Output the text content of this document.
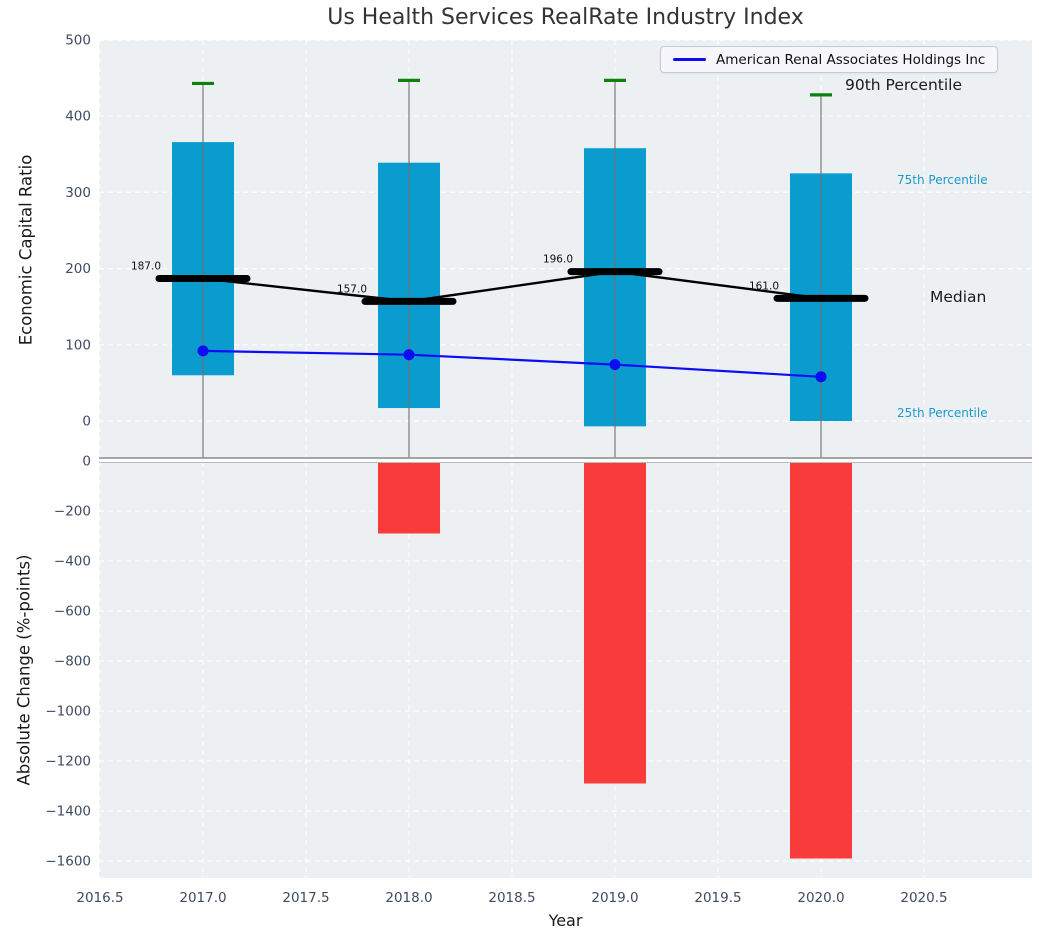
187.0
157.0
196.0
161.0
0
100
200
300
400
500
0
−200
−400
−600
−800
−1000
−1200
−1400
−1600
2016.5	2017.0	2017.5	2018.0	2018.5	2019.0	2019.5	2020.0	2020.5
Us Health Services RealRate Industry Index
Economic Capital Ratio
Absolute Change (%-points)
Year
American Renal Associates Holdings Inc
90th Percentile
Median
75th Percentile
25th Percentile
